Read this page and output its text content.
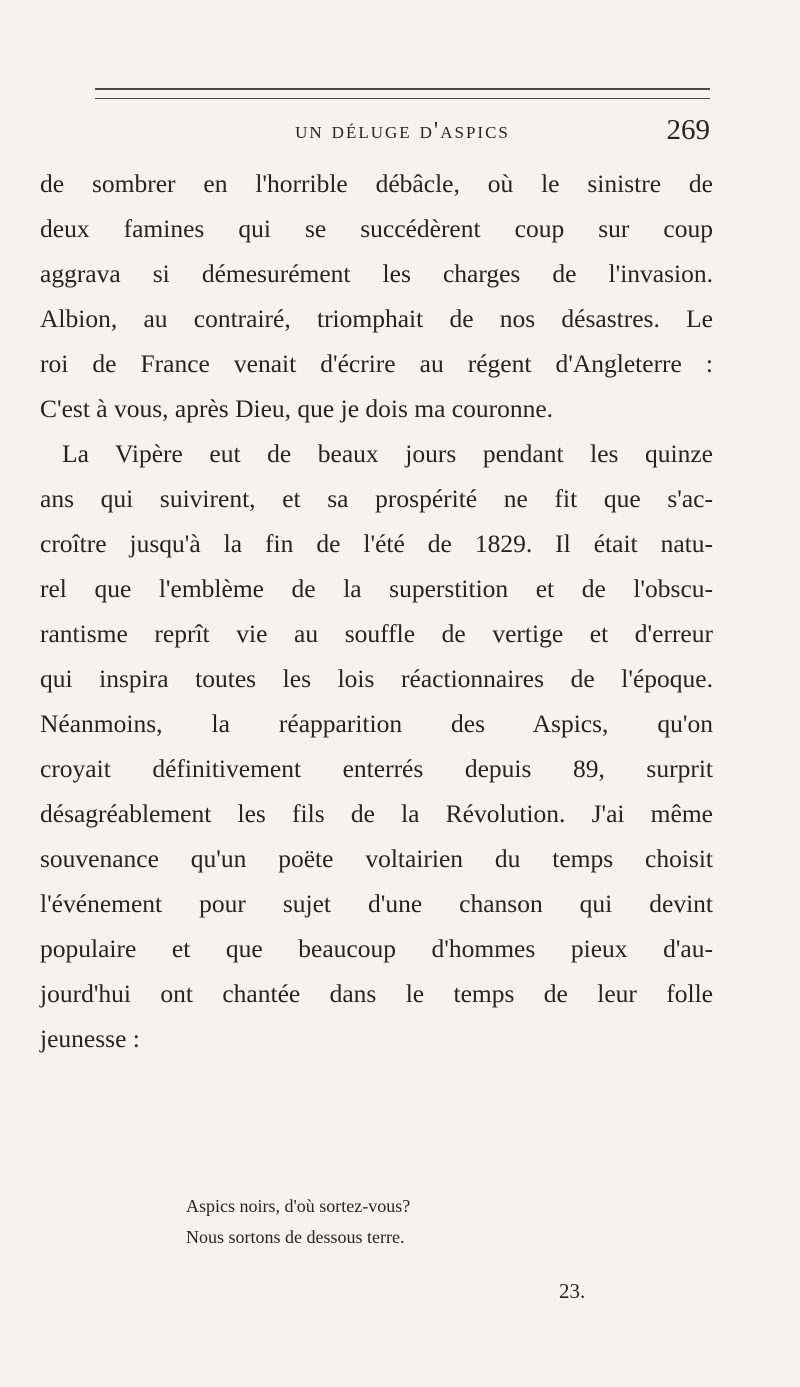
un déluge d'aspics	269
de sombrer en l'horrible débâcle, où le sinistre de
deux famines qui se succédèrent coup sur coup
aggrava si démesurément les charges de l'invasion.
Albion, au contrairé, triomphait de nos désastres. Le
roi de France venait d'écrire au régent d'Angleterre :
C'est à vous, après Dieu, que je dois ma couronne.
La Vipère eut de beaux jours pendant les quinze
ans qui suivirent, et sa prospérité ne fit que s'ac-
croître jusqu'à la fin de l'été de 1829. Il était natu-
rel que l'emblème de la superstition et de l'obscu-
rantisme reprît vie au souffle de vertige et d'erreur
qui inspira toutes les lois réactionnaires de l'époque.
Néanmoins, la réapparition des Aspics, qu'on
croyait définitivement enterrés depuis 89, surprit
désagréablement les fils de la Révolution. J'ai même
souvenance qu'un poëte voltairien du temps choisit
l'événement pour sujet d'une chanson qui devint
populaire et que beaucoup d'hommes pieux d'au-
jourd'hui ont chantée dans le temps de leur folle
jeunesse :
Aspics noirs, d'où sortez-vous?
Nous sortons de dessous terre.
23.
